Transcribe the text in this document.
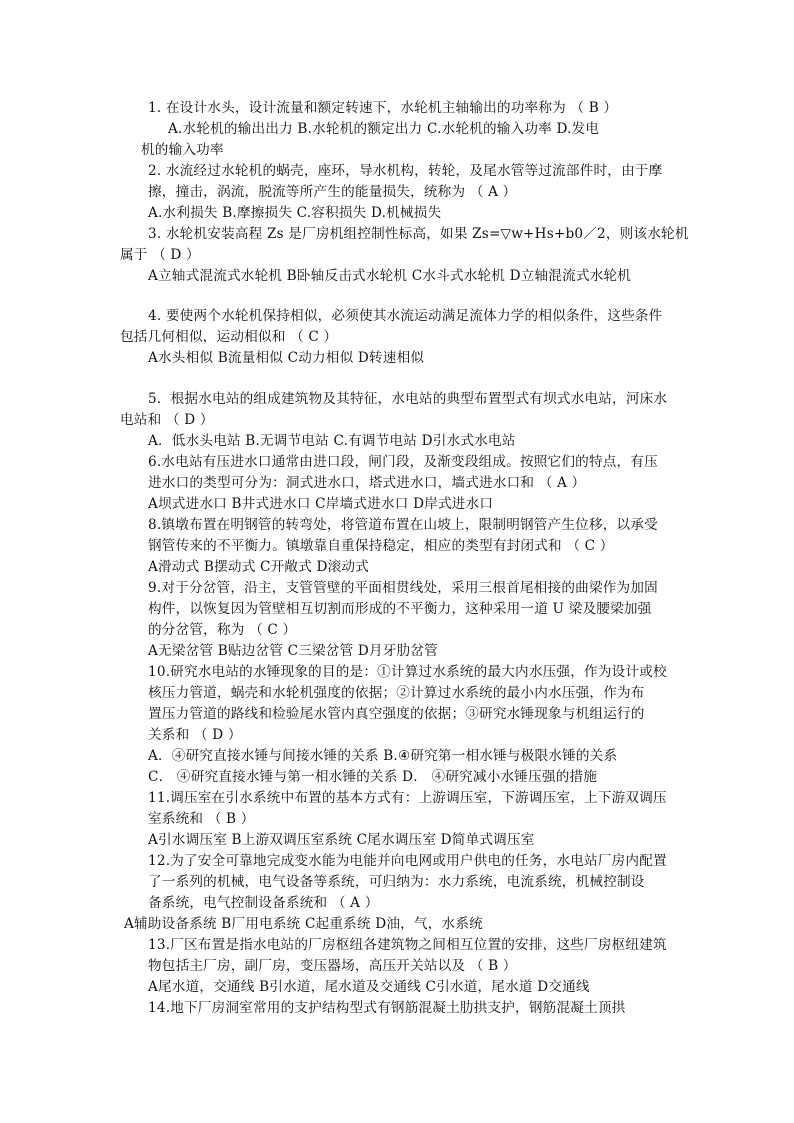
1. 在设计水头，设计流量和额定转速下，水轮机主轴输出的功率称为 （ B ）
A.水轮机的输出出力 B.水轮机的额定出力 C.水轮机的输入功率 D.发电
机的输入功率
2. 水流经过水轮机的蜗壳，座环，导水机构，转轮，及尾水管等过流部件时，由于摩
擦，撞击，涡流，脱流等所产生的能量损失，统称为 （ A ）
A.水利损失 B.摩擦损失 C.容积损失 D.机械损失
3. 水轮机安装高程 Zs 是厂房机组控制性标高，如果 Zs=▽w+Hs+b0／2，则该水轮机
属于 （ D ）
A立轴式混流式水轮机 B卧轴反击式水轮机 C水斗式水轮机 D立轴混流式水轮机
4. 要使两个水轮机保持相似，必须使其水流运动满足流体力学的相似条件，这些条件
包括几何相似，运动相似和 （ C ）
A水头相似 B流量相似 C动力相似 D转速相似
5．根据水电站的组成建筑物及其特征，水电站的典型布置型式有坝式水电站，河床水
电站和 （ D ）
A．低水头电站 B.无调节电站 C.有调节电站 D引水式水电站
6.水电站有压进水口通常由进口段，闸门段，及渐变段组成。按照它们的特点，有压
进水口的类型可分为：洞式进水口，塔式进水口，墙式进水口和 （ A ）
A坝式进水口 B井式进水口 C岸墙式进水口 D岸式进水口
8.镇墩布置在明钢管的转弯处，将管道布置在山坡上，限制明钢管产生位移，以承受
钢管传来的不平衡力。镇墩靠自重保持稳定，相应的类型有封闭式和 （ C ）
A滑动式 B摆动式 C开敞式 D滚动式
9.对于分岔管，沿主，支管管壁的平面相贯线处，采用三根首尾相接的曲梁作为加固
构件，以恢复因为管壁相互切割而形成的不平衡力，这种采用一道 U 梁及腰梁加强
的分岔管，称为 （ C ）
A无梁岔管 B贴边岔管 C三梁岔管 D月牙肋岔管
10.研究水电站的水锤现象的目的是：①计算过水系统的最大内水压强，作为设计或校
核压力管道，蜗壳和水轮机强度的依据；②计算过水系统的最小内水压强，作为布
置压力管道的路线和检验尾水管内真空强度的依据；③研究水锤现象与机组运行的
关系和 （ D ）
A．④研究直接水锤与间接水锤的关系 B.④研究第一相水锤与极限水锤的关系
C． ④研究直接水锤与第一相水锤的关系 D． ④研究减小水锤压强的措施
11.调压室在引水系统中布置的基本方式有：上游调压室，下游调压室，上下游双调压
室系统和 （ B ）
A引水调压室 B上游双调压室系统 C尾水调压室 D简单式调压室
12.为了安全可靠地完成变水能为电能并向电网或用户供电的任务，水电站厂房内配置
了一系列的机械，电气设备等系统，可归纳为：水力系统，电流系统，机械控制设
备系统，电气控制设备系统和 （ A ）
A辅助设备系统 B厂用电系统 C起重系统 D油，气，水系统
13.厂区布置是指水电站的厂房枢纽各建筑物之间相互位置的安排，这些厂房枢纽建筑
物包括主厂房，副厂房，变压器场，高压开关站以及 （ B ）
A尾水道，交通线 B引水道，尾水道及交通线 C引水道，尾水道 D交通线
14.地下厂房洞室常用的支护结构型式有钢筋混凝土肋拱支护，钢筋混凝土顶拱
